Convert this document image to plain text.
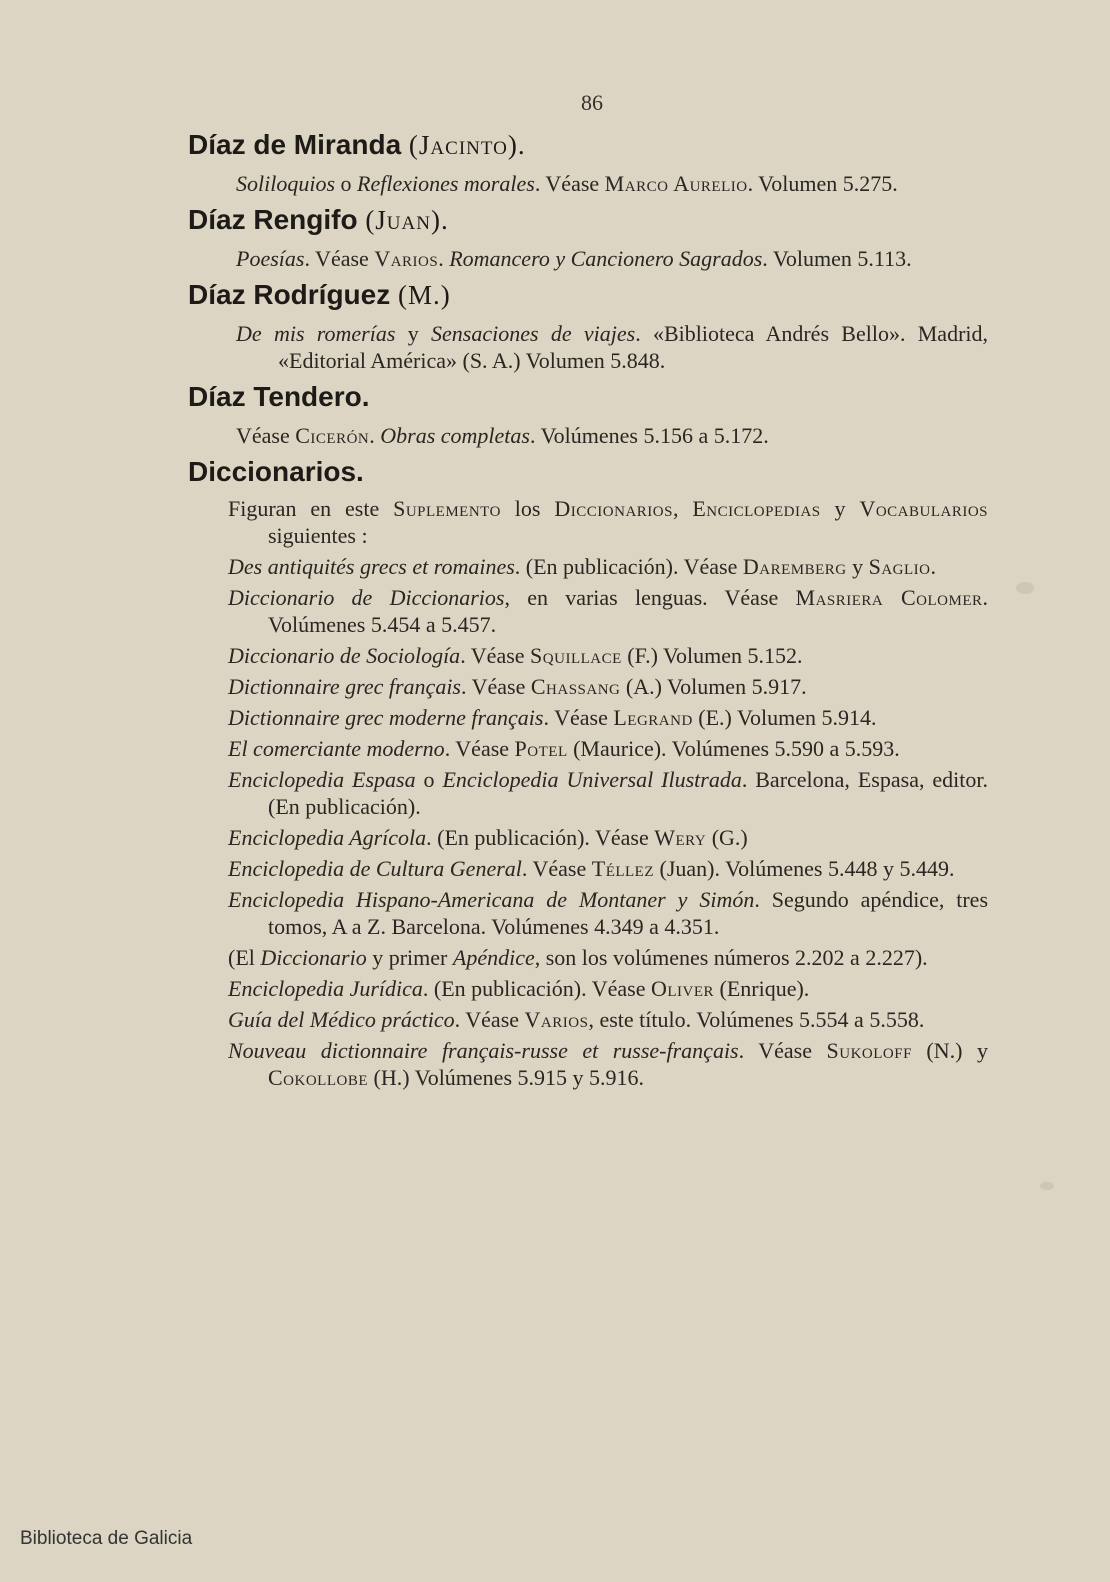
86

Díaz de Miranda (Jacinto).

Soliloquios o Reflexiones morales. Véase Marco Aurelio. Volumen 5.275.

Díaz Rengifo (Juan).

Poesías. Véase Varios. Romancero y Cancionero Sagrados. Volumen 5.113.

Díaz Rodríguez (M.)

De mis romerías y Sensaciones de viajes. «Biblioteca Andrés Bello». Madrid, «Editorial América» (S. A.) Volumen 5.848.

Díaz Tendero.

Véase Cicerón. Obras completas. Volúmenes 5.156 a 5.172.

Diccionarios.

Figuran en este Suplemento los Diccionarios, Enciclopedias y Vocabularios siguientes :

Des antiquités grecs et romaines. (En publicación). Véase Daremberg y Saglio.

Diccionario de Diccionarios, en varias lenguas. Véase Masriera Colomer. Volúmenes 5.454 a 5.457.

Diccionario de Sociología. Véase Squillace (F.) Volumen 5.152.

Dictionnaire grec français. Véase Chassang (A.) Volumen 5.917.

Dictionnaire grec moderne français. Véase Legrand (E.) Volumen 5.914.

El comerciante moderno. Véase Potel (Maurice). Volúmenes 5.590 a 5.593.

Enciclopedia Espasa o Enciclopedia Universal Ilustrada. Barcelona, Espasa, editor. (En publicación).

Enciclopedia Agrícola. (En publicación). Véase Wery (G.)

Enciclopedia de Cultura General. Véase Téllez (Juan). Volúmenes 5.448 y 5.449.

Enciclopedia Hispano-Americana de Montaner y Simón. Segundo apéndice, tres tomos, A a Z. Barcelona. Volúmenes 4.349 a 4.351.

(El Diccionario y primer Apéndice, son los volúmenes números 2.202 a 2.227).

Enciclopedia Jurídica. (En publicación). Véase Oliver (Enrique).

Guía del Médico práctico. Véase Varios, este título. Volúmenes 5.554 a 5.558.

Nouveau dictionnaire français-russe et russe-français. Véase Sukoloff (N.) y Cokollobe (H.) Volúmenes 5.915 y 5.916.

Biblioteca de Galicia
